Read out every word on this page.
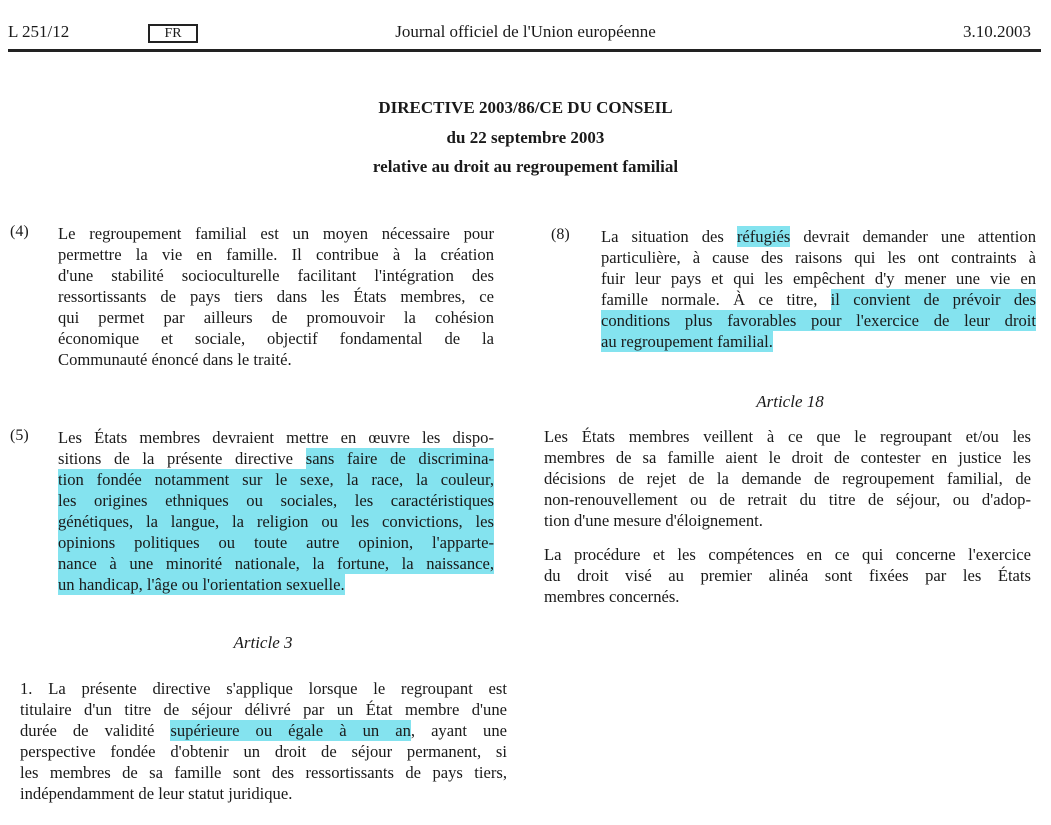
L 251/12	FR	Journal officiel de l'Union européenne	3.10.2003
DIRECTIVE 2003/86/CE DU CONSEIL
du 22 septembre 2003
relative au droit au regroupement familial
(4) Le regroupement familial est un moyen nécessaire pour
permettre la vie en famille. Il contribue à la création
d'une stabilité socioculturelle facilitant l'intégration des
ressortissants de pays tiers dans les États membres, ce
qui permet par ailleurs de promouvoir la cohésion
économique et sociale, objectif fondamental de la
Communauté énoncé dans le traité.
(5) Les États membres devraient mettre en œuvre les dispo-
sitions de la présente directive sans faire de discrimina-
tion fondée notamment sur le sexe, la race, la couleur,
les origines ethniques ou sociales, les caractéristiques
génétiques, la langue, la religion ou les convictions, les
opinions politiques ou toute autre opinion, l'apparte-
nance à une minorité nationale, la fortune, la naissance,
un handicap, l'âge ou l'orientation sexuelle.
Article 3
1. La présente directive s'applique lorsque le regroupant est
titulaire d'un titre de séjour délivré par un État membre d'une
durée de validité supérieure ou égale à un an, ayant une
perspective fondée d'obtenir un droit de séjour permanent, si
les membres de sa famille sont des ressortissants de pays tiers,
indépendamment de leur statut juridique.
(8) La situation des réfugiés devrait demander une attention
particulière, à cause des raisons qui les ont contraints à
fuir leur pays et qui les empêchent d'y mener une vie en
famille normale. À ce titre, il convient de prévoir des
conditions plus favorables pour l'exercice de leur droit
au regroupement familial.
Article 18
Les États membres veillent à ce que le regroupant et/ou les
membres de sa famille aient le droit de contester en justice les
décisions de rejet de la demande de regroupement familial, de
non-renouvellement ou de retrait du titre de séjour, ou d'adop-
tion d'une mesure d'éloignement.
La procédure et les compétences en ce qui concerne l'exercice
du droit visé au premier alinéa sont fixées par les États
membres concernés.
